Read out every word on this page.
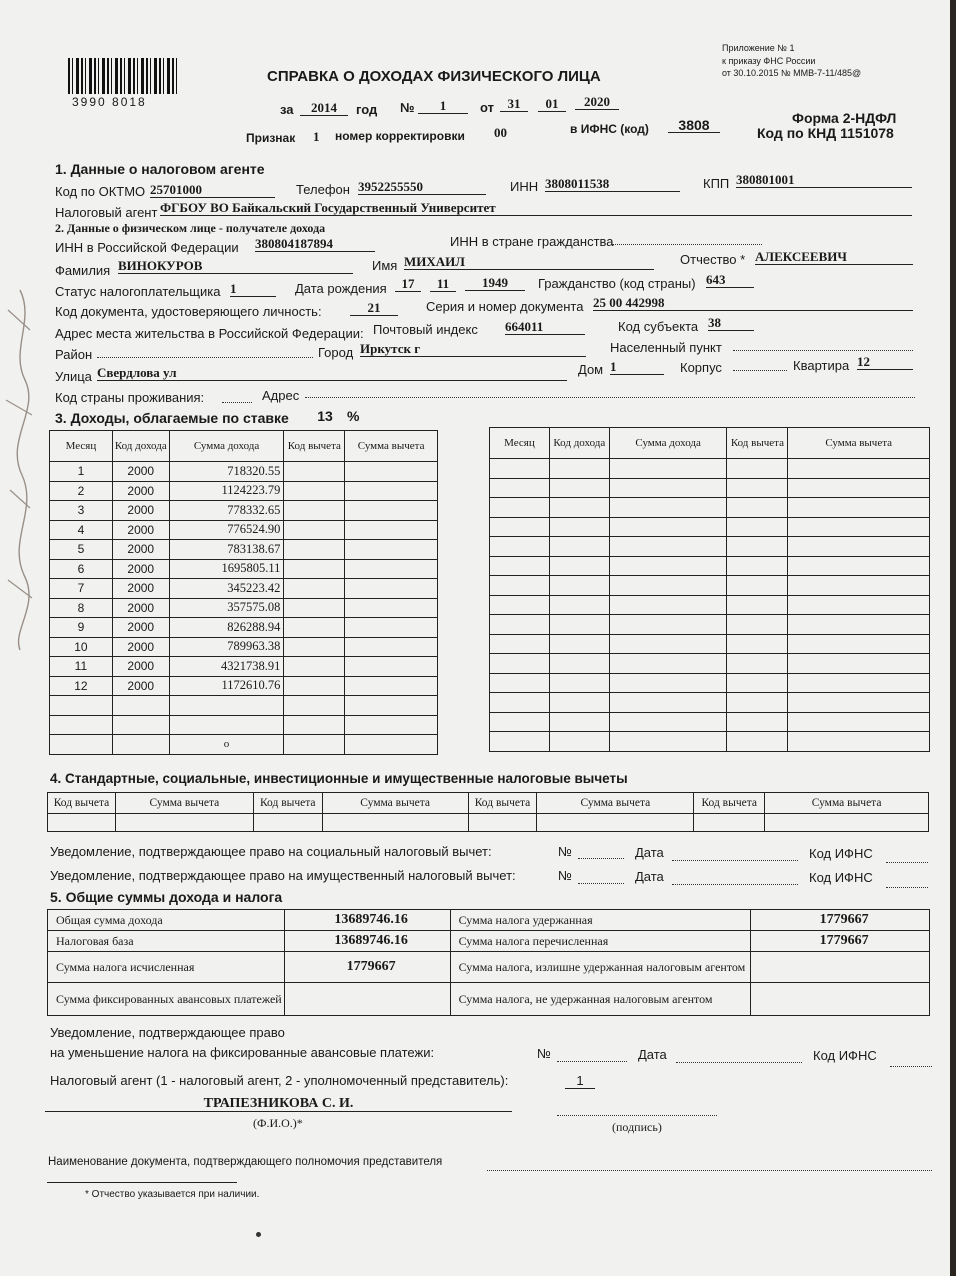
3990 8018
Приложение № 1
к приказу ФНС России
от 30.10.2015 № ММВ-7-11/485@
СПРАВКА О ДОХОДАХ ФИЗИЧЕСКОГО ЛИЦА
за	2014	год №	1	от	31	01	2020
Признак 1 номер корректировки 00	в ИФНС (код)	3808	Форма 2-НДФЛ
Код по КНД 1151078
1. Данные о налоговом агенте
Код по ОКТМО 25701000	Телефон 3952255550	ИНН 3808011538	КПП 380801001
Налоговый агент ФГБОУ ВО Байкальский Государственный Университет
2. Данные о физическом лице - получателе дохода
ИНН в Российской Федерации 380804187894	ИНН в стране гражданства
Фамилия ВИНОКУРОВ	Имя МИХАИЛ	Отчество * АЛЕКСЕЕВИЧ
Статус налогоплательщика 1	Дата рождения	17	11	1949	Гражданство (код страны) 643
Код документа, удостоверяющего личность:	21	Серия и номер документа 25 00 442998
Адрес места жительства в Российской Федерации: Почтовый индекс 664011	Код субъекта 38
Район	Город Иркутск г	Населенный пункт
Улица Свердлова ул	Дом 1	Корпус	Квартира 12
Код страны проживания:	Адрес
3. Доходы, облагаемые по ставке	13	%
Месяц	Код дохода	Сумма дохода	Код вычета	Сумма вычета
1	2000	718320.55		
2	2000	1124223.79		
3	2000	778332.65		
4	2000	776524.90		
5	2000	783138.67		
6	2000	1695805.11		
7	2000	345223.42		
8	2000	357575.08		
9	2000	826288.94		
10	2000	789963.38		
11	2000	4321738.91		
12	2000	1172610.76		

		o		
Месяц	Код дохода	Сумма дохода	Код вычета	Сумма вычета

4. Стандартные, социальные, инвестиционные и имущественные налоговые вычеты
Код вычета	Сумма вычета	Код вычета	Сумма вычета	Код вычета	Сумма вычета	Код вычета	Сумма вычета

Уведомление, подтверждающее право на социальный налоговый вычет:	№	Дата	Код ИФНС
Уведомление, подтверждающее право на имущественный налоговый вычет:	№	Дата	Код ИФНС
5. Общие суммы дохода и налога
Общая сумма дохода	13689746.16	Сумма налога удержанная	1779667
Налоговая база	13689746.16	Сумма налога перечисленная	1779667
Сумма налога исчисленная	1779667	Сумма налога, излишне удержанная налоговым агентом	
Сумма фиксированных авансовых платежей		Сумма налога, не удержанная налоговым агентом	
Уведомление, подтверждающее право
на уменьшение налога на фиксированные авансовые платежи:	№	Дата	Код ИФНС
Налоговый агент (1 - налоговый агент, 2 - уполномоченный представитель):	1
ТРАПЕЗНИКОВА С. И.
(Ф.И.О.)*	(подпись)
Наименование документа, подтверждающего полномочия представителя
* Отчество указывается при наличии.
